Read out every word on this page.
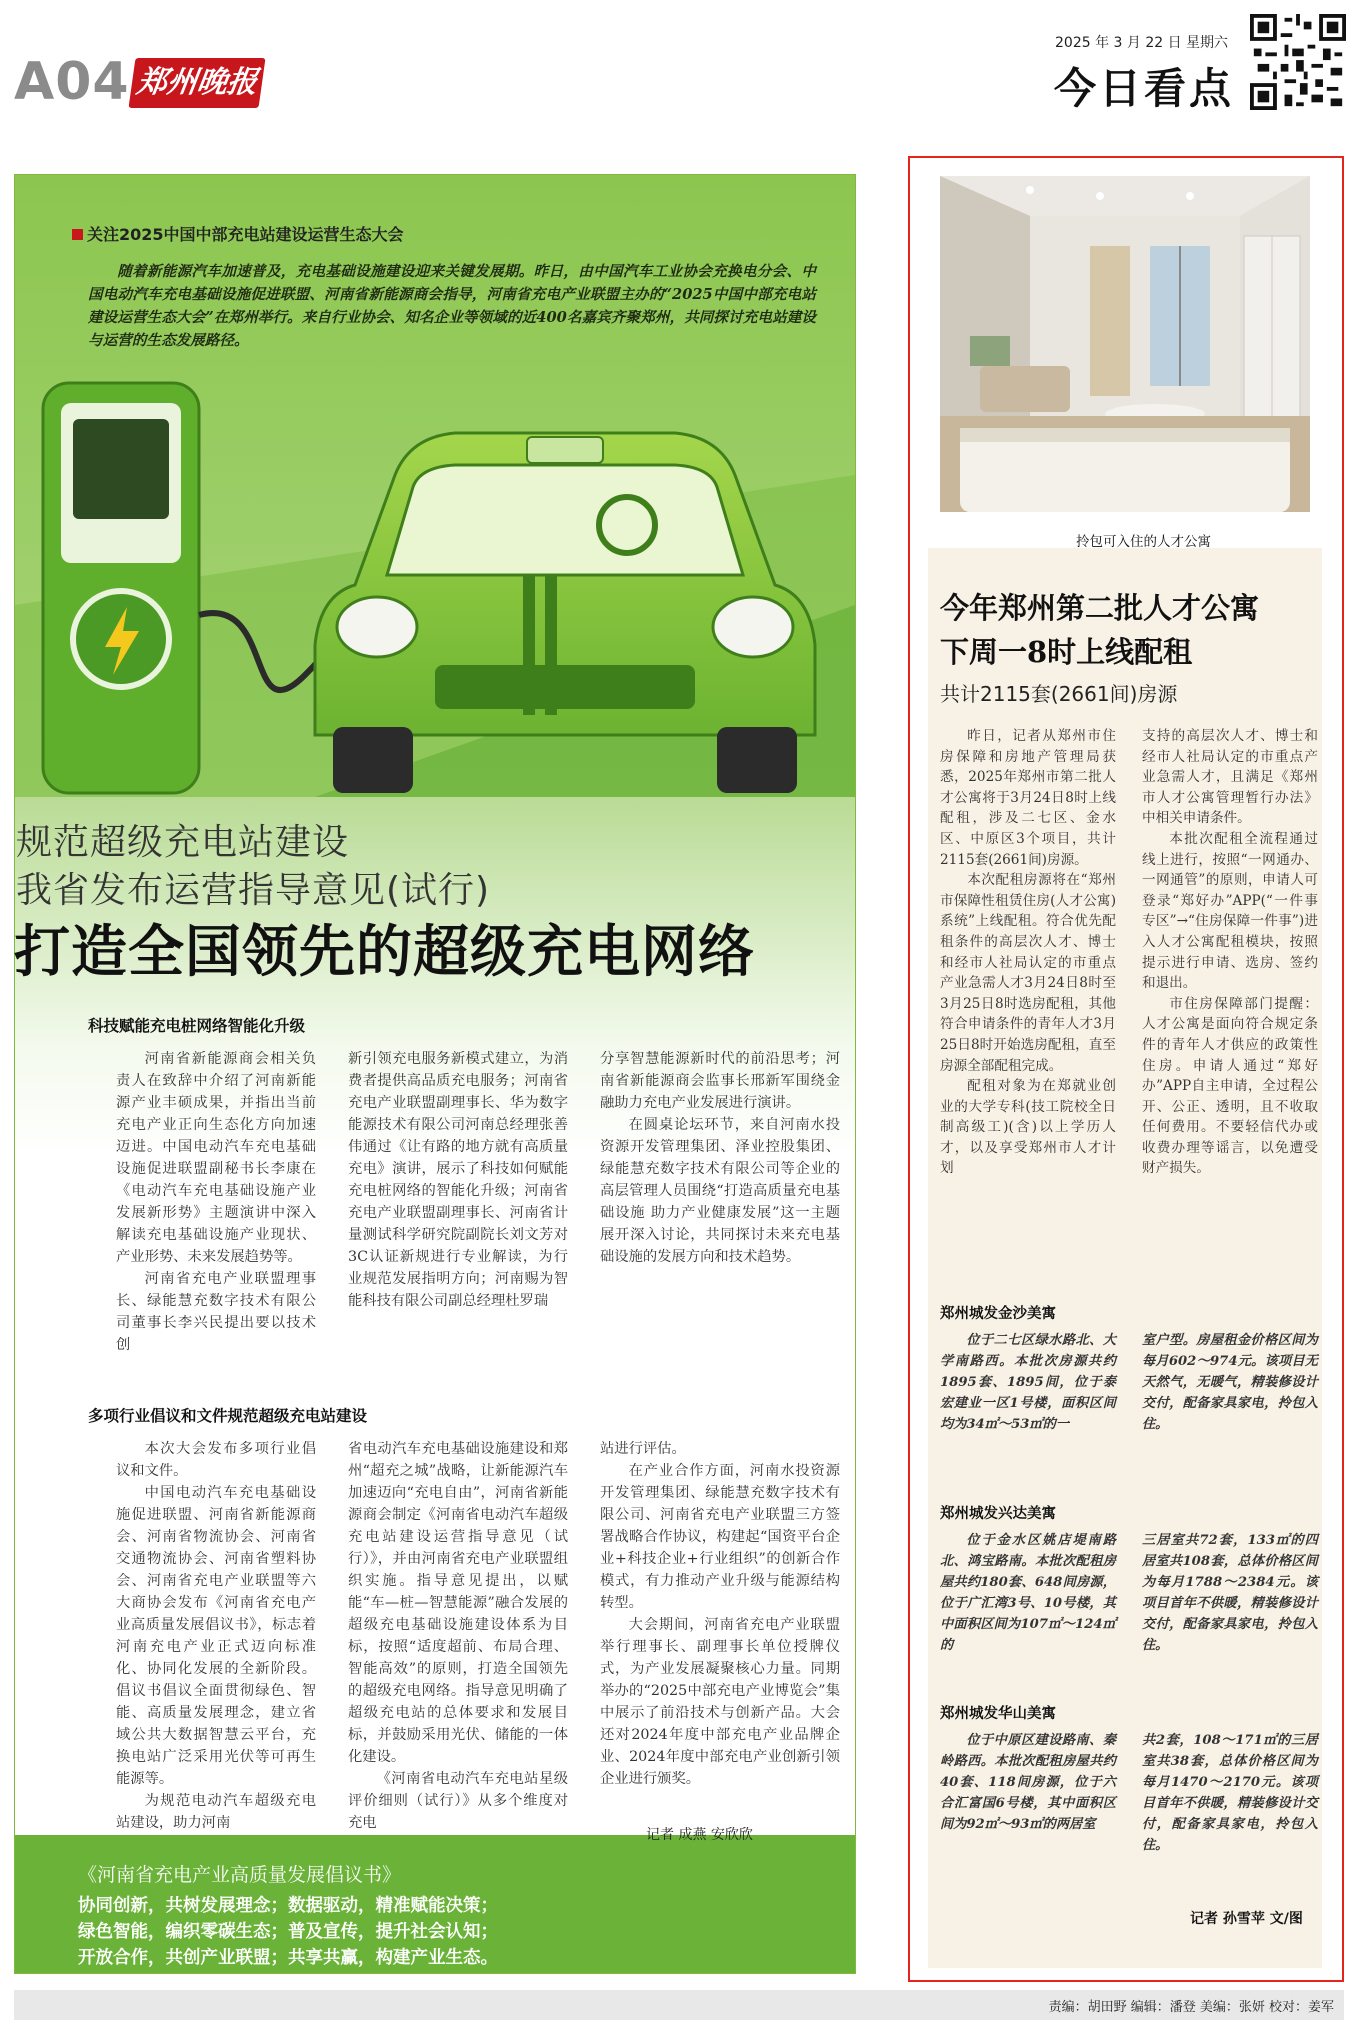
A04 郑州晚报
2025 年 3 月 22 日 星期六
今日看点
关注2025中国中部充电站建设运营生态大会
随着新能源汽车加速普及，充电基础设施建设迎来关键发展期。昨日，由中国汽车工业协会充换电分会、中国电动汽车充电基础设施促进联盟、河南省新能源商会指导，河南省充电产业联盟主办的“2025中国中部充电站建设运营生态大会”在郑州举行。来自行业协会、知名企业等领域的近400名嘉宾齐聚郑州，共同探讨充电站建设与运营的生态发展路径。
规范超级充电站建设
我省发布运营指导意见(试行)
打造全国领先的超级充电网络
科技赋能充电桩网络智能化升级

河南省新能源商会相关负责人在致辞中介绍了河南新能源产业丰硕成果，并指出当前充电产业正向生态化方向加速迈进。中国电动汽车充电基础设施促进联盟副秘书长李康在《电动汽车充电基础设施产业发展新形势》主题演讲中深入解读充电基础设施产业现状、产业形势、未来发展趋势等。

河南省充电产业联盟理事长、绿能慧充数字技术有限公司董事长李兴民提出要以技术创

新引领充电服务新模式建立，为消费者提供高品质充电服务；河南省充电产业联盟副理事长、华为数字能源技术有限公司河南总经理张善伟通过《让有路的地方就有高质量充电》演讲，展示了科技如何赋能充电桩网络的智能化升级；河南省充电产业联盟副理事长、河南省计量测试科学研究院副院长刘文芳对3C认证新规进行专业解读，为行业规范发展指明方向；河南赐为智能科技有限公司副总经理杜罗瑞

分享智慧能源新时代的前沿思考；河南省新能源商会监事长邢新军围绕金融助力充电产业发展进行演讲。

在圆桌论坛环节，来自河南水投资源开发管理集团、泽业控股集团、绿能慧充数字技术有限公司等企业的高层管理人员围绕“打造高质量充电基础设施 助力产业健康发展”这一主题展开深入讨论，共同探讨未来充电基础设施的发展方向和技术趋势。

多项行业倡议和文件规范超级充电站建设

本次大会发布多项行业倡议和文件。

中国电动汽车充电基础设施促进联盟、河南省新能源商会、河南省物流协会、河南省交通物流协会、河南省塑料协会、河南省充电产业联盟等六大商协会发布《河南省充电产业高质量发展倡议书》，标志着河南充电产业正式迈向标准化、协同化发展的全新阶段。倡议书倡议全面贯彻绿色、智能、高质量发展理念，建立省域公共大数据智慧云平台，充换电站广泛采用光伏等可再生能源等。

为规范电动汽车超级充电站建设，助力河南

省电动汽车充电基础设施建设和郑州“超充之城”战略，让新能源汽车加速迈向“充电自由”，河南省新能源商会制定《河南省电动汽车超级充电站建设运营指导意见（试行）》，并由河南省充电产业联盟组织实施。指导意见提出，以赋能“车—桩—智慧能源”融合发展的超级充电基础设施建设体系为目标，按照“适度超前、布局合理、智能高效”的原则，打造全国领先的超级充电网络。指导意见明确了超级充电站的总体要求和发展目标，并鼓励采用光伏、储能的一体化建设。

《河南省电动汽车充电站星级评价细则（试行）》从多个维度对充电

站进行评估。

在产业合作方面，河南水投资源开发管理集团、绿能慧充数字技术有限公司、河南省充电产业联盟三方签署战略合作协议，构建起“国资平台企业+科技企业+行业组织”的创新合作模式，有力推动产业升级与能源结构转型。

大会期间，河南省充电产业联盟举行理事长、副理事长单位授牌仪式，为产业发展凝聚核心力量。同期举办的“2025中部充电产业博览会”集中展示了前沿技术与创新产品。大会还对2024年度中部充电产业品牌企业、2024年度中部充电产业创新引领企业进行颁奖。

记者 成燕 安欣欣
《河南省充电产业高质量发展倡议书》
协同创新，共树发展理念；数据驱动，精准赋能决策；
绿色智能，编织零碳生态；普及宣传，提升社会认知；
开放合作，共创产业联盟；共享共赢，构建产业生态。
拎包可入住的人才公寓
今年郑州第二批人才公寓
下周一8时上线配租
共计2115套(2661间)房源

昨日，记者从郑州市住房保障和房地产管理局获悉，2025年郑州市第二批人才公寓将于3月24日8时上线配租，涉及二七区、金水区、中原区3个项目，共计2115套(2661间)房源。

本次配租房源将在“郑州市保障性租赁住房(人才公寓)系统”上线配租。符合优先配租条件的高层次人才、博士和经市人社局认定的市重点产业急需人才3月24日8时至3月25日8时选房配租，其他符合申请条件的青年人才3月25日8时开始选房配租，直至房源全部配租完成。

配租对象为在郑就业创业的大学专科(技工院校全日制高级工)(含)以上学历人才，以及享受郑州市人才计划

支持的高层次人才、博士和经市人社局认定的市重点产业急需人才，且满足《郑州市人才公寓管理暂行办法》中相关申请条件。

本批次配租全流程通过线上进行，按照“一网通办、一网通管”的原则，申请人可登录“郑好办”APP(“一件事专区”→“住房保障一件事”)进入人才公寓配租模块，按照提示进行申请、选房、签约和退出。

市住房保障部门提醒：人才公寓是面向符合规定条件的青年人才供应的政策性住房。申请人通过“郑好办”APP自主申请，全过程公开、公正、透明，且不收取任何费用。不要轻信代办或收费办理等谣言，以免遭受财产损失。

郑州城发金沙美寓

位于二七区绿水路北、大学南路西。本批次房源共约1895套、1895间，位于泰宏建业一区1号楼，面积区间均为34㎡～53㎡的一

室户型。房屋租金价格区间为每月602～974元。该项目无天然气，无暖气，精装修设计交付，配备家具家电，拎包入住。

郑州城发兴达美寓

位于金水区姚店堤南路北、鸿宝路南。本批次配租房屋共约180套、648间房源，位于广汇湾3号、10号楼，其中面积区间为107㎡～124㎡的

三居室共72套，133㎡的四居室共108套，总体价格区间为每月1788～2384元。该项目首年不供暖，精装修设计交付，配备家具家电，拎包入住。

郑州城发华山美寓

位于中原区建设路南、秦岭路西。本批次配租房屋共约40套、118间房源，位于六合汇富国6号楼，其中面积区间为92㎡～93㎡的两居室

共2套，108～171㎡的三居室共38套，总体价格区间为每月1470～2170元。该项目首年不供暖，精装修设计交付，配备家具家电，拎包入住。

记者 孙雪苹 文/图
责编：胡田野 编辑：潘登 美编：张妍 校对：姜军
